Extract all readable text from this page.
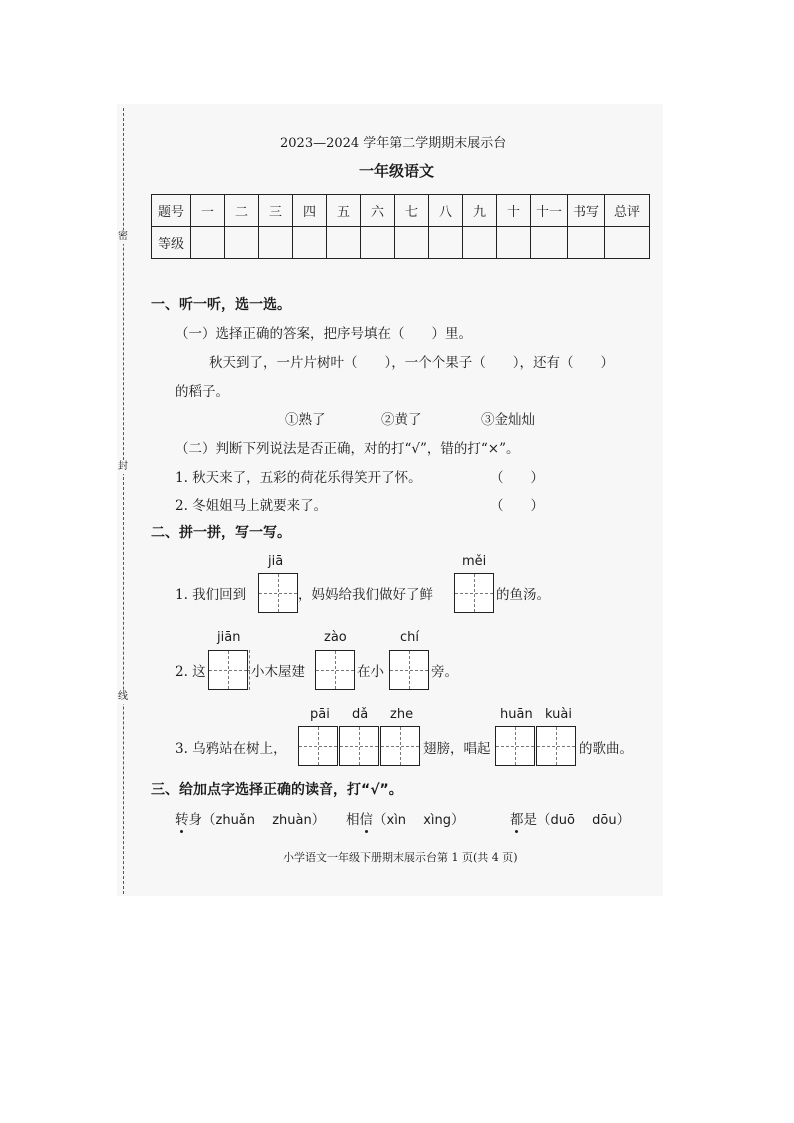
密
封
线
2023—2024 学年第二学期期末展示台
一年级语文
题号	一	二	三	四	五	六	七	八	九	十	十一	书写	总评
等级													
一、听一听，选一选。
（一）选择正确的答案，把序号填在（　　）里。
秋天到了，一片片树叶（　　），一个个果子（　　），还有（　　）
的稻子。
①熟了	②黄了	③金灿灿
（二）判断下列说法是否正确，对的打“√”，错的打“×”。
1. 秋天来了，五彩的荷花乐得笑开了怀。	（　　）
2. 冬姐姐马上就要来了。	（　　）
二、拼一拼，写一写。
jiā	měi
1. 我们回到	，妈妈给我们做好了鲜	的鱼汤。
jiān	zào	chí
2. 这	小木屋建	在小	旁。
pāi dǎ zhe	huān kuài
3. 乌鸦站在树上，	翅膀，唱起	的歌曲。
三、给加点字选择正确的读音，打“√”。
转身（zhuǎn zhuàn） 相信（xìn xìng）	都是（duō dōu）
小学语文一年级下册期末展示台第 1 页(共 4 页)
